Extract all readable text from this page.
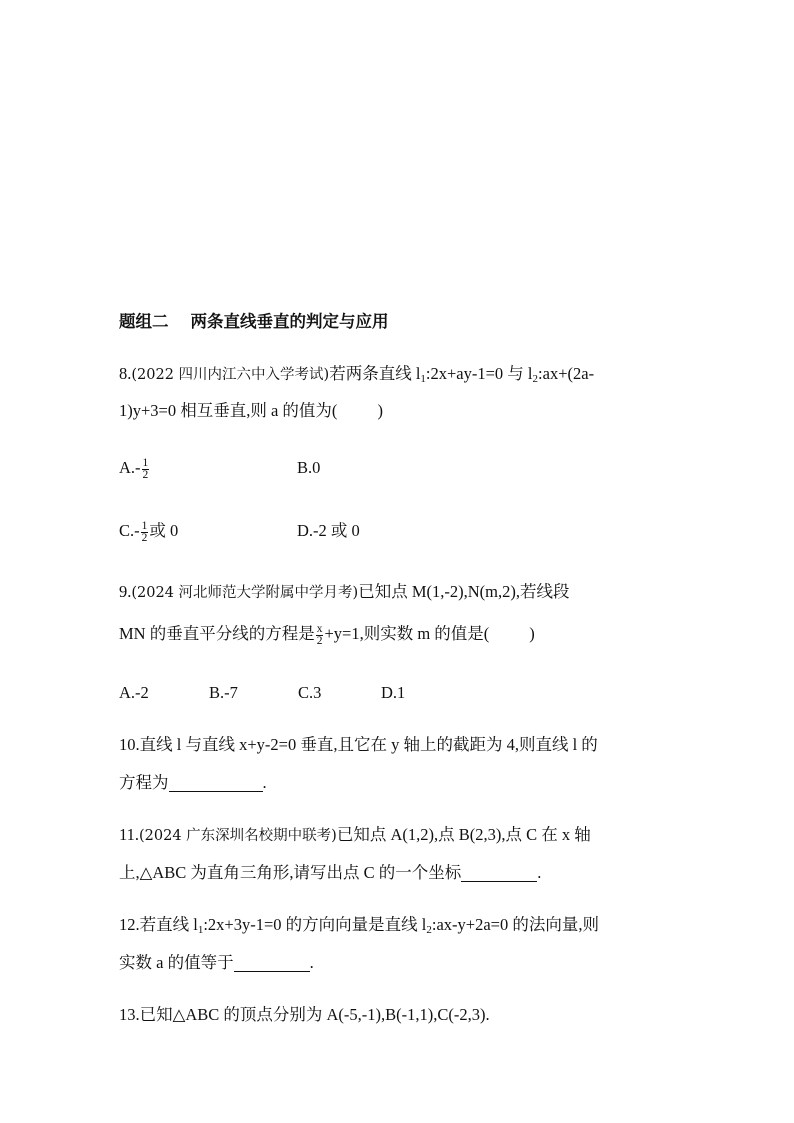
题组二 两条直线垂直的判定与应用
8.(2022 四川内江六中入学考试)若两条直线 $l_1:2x+ay-1=0$ 与 $l_2:ax+(2a-$
1)y+3=0 相互垂直,则 a 的值为( )
$A.- \frac{1}{2}$	B.0
$C.- \frac{1}{2}$ 或 0	D.-2 或 0
9.(2024 河北师范大学附属中学月考)已知点 M(1,-2),N(m,2),若线段
MN 的垂直平分线的方程是 $\frac{x}{2} +y=1$,则实数 m 的值是( )
A.-2	B.-7	C.3	D.1
10.直线 l 与直线 x+y-2=0 垂直,且它在 y 轴上的截距为 4,则直线 l 的
方程为	.
11.(2024 广东深圳名校期中联考)已知点 A(1,2),点 B(2,3),点 C 在 x 轴
上,△ABC 为直角三角形,请写出点 C 的一个坐标	.
12.若直线 $l_1:2x+3y-1=0$ 的方向向量是直线 $l_2:ax-y+2a=0$ 的法向量,则
实数 a 的值等于	.
13.已知△ABC 的顶点分别为 A(-5,-1),B(-1,1),C(-2,3).
